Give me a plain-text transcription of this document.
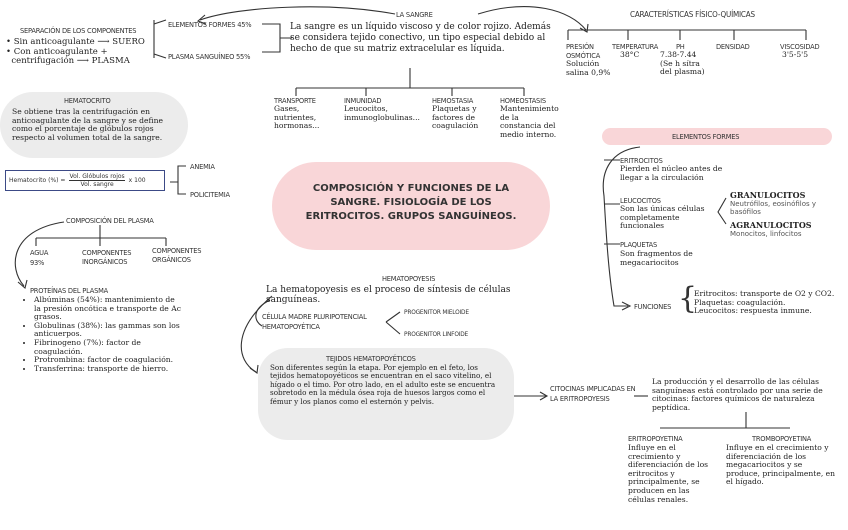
SEPARACIÓN DE LOS COMPONENTES
• Sin anticoagulante ⟶ SUERO
• Con anticoagulante +
centrifugación ⟶ PLASMA
ELEMENTOS FORMES 45%
PLASMA SANGUÍNEO 55%
HEMATOCRITO
Se obtiene tras la centrifugación en anticoagulante de la sangre y se define como el porcentaje de glóbulos rojos respecto al volumen total de la sangre.
Hematocrito (%) =
Vol. Glóbulos rojos
Vol. sangre
x 100
ANEMIA
POLICITEMIA
COMPOSICIÓN DEL PLASMA
AGUA
93%
COMPONENTES INORGÁNICOS
COMPONENTES ORGÁNICOS
PROTEÍNAS DEL PLASMA
• Albúminas (54%): mantenimiento de la presión oncótica e transporte de Ac grasos.
• Globulinas (38%): las gammas son los anticuerpos.
• Fibrinogeno (7%): factor de coagulación.
• Protrombina: factor de coagulación.
• Transferrina: transporte de hierro.
LA SANGRE
La sangre es un líquido viscoso y de color rojizo. Además se considera tejido conectivo, un tipo especial debido al hecho de que su matriz extracelular es líquida.
TRANSPORTE
Gases, nutrientes, hormonas...
INMUNIDAD
Leucocitos, inmunoglobulinas...
HEMOSTASIA
Plaquetas y factores de coagulación
HOMEOSTASIS
Mantenimiento de la constancia del medio interno.
CARACTERÍSTICAS FÍSICO-QUÍMICAS
PRESIÓN OSMÓTICA
Solución salina 0,9%
TEMPERATURA
38°C
PH
7.38-7.44 (Se h sítra del plasma)
DENSIDAD	VISCOSIDAD
3'5-5'5
COMPOSICIÓN Y FUNCIONES DE LA SANGRE. FISIOLOGÍA DE LOS ERITROCITOS. GRUPOS SANGUÍNEOS.
ELEMENTOS FORMES
ERITROCITOS
Pierden el núcleo antes de llegar a la circulación
LEUCOCITOS
Son las únicas células completamente funcionales
GRANULOCITOS
Neutrófilos, eosinófilos y basófilos
AGRANULOCITOS
Monocitos, linfocitos
PLAQUETAS
Son fragmentos de megacariocitos
FUNCIONES {
Eritrocitos: transporte de O2 y CO2.
Plaquetas: coagulación.
Leucocitos: respuesta inmune.
HEMATOPOYESIS
La hematopoyesis es el proceso de síntesis de células sanguíneas.
CÉLULA MADRE PLURIPOTENCIAL HEMATOPOYÉTICA
PROGENITOR MIELOIDE
PROGENITOR LINFOIDE
TEJIDOS HEMATOPOYÉTICOS
Son diferentes según la etapa. Por ejemplo en el feto, los tejidos hematopoyéticos se encuentran en el saco vitelino, el hígado o el timo. Por otro lado, en el adulto este se encuentra sobretodo en la médula ósea roja de huesos largos como el fémur y los planos como el esternón y pelvis.
CITOCINAS IMPLICADAS EN LA ERITROPOYESIS
La producción y el desarrollo de las células sanguíneas está controlado por una serie de citocinas: factores químicos de naturaleza peptídica.
ERITROPOYETINA
Influye en el crecimiento y diferenciación de los eritrocitos y principalmente, se producen en las células renales.
TROMBOPOYETINA
Influye en el crecimiento y diferenciación de los megacariocitos y se produce, principalmente, en el hígado.
